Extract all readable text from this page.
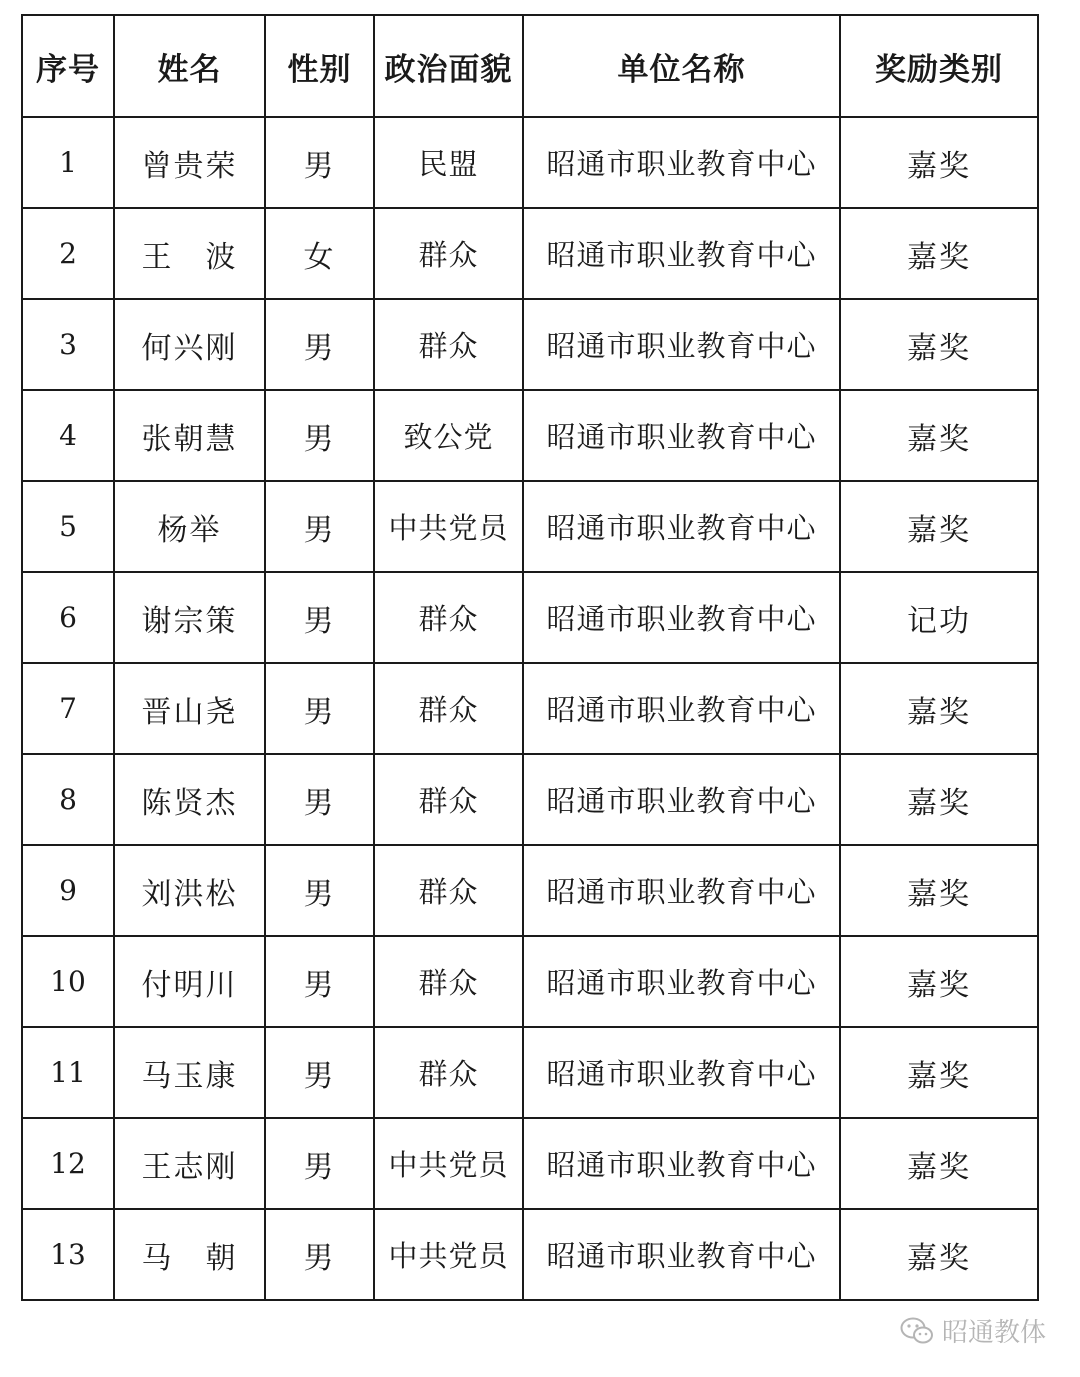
序号	姓名	性别	政治面貌	单位名称	奖励类别
1	曾贵荣	男	民盟	昭通市职业教育中心	嘉奖
2	王　波	女	群众	昭通市职业教育中心	嘉奖
3	何兴刚	男	群众	昭通市职业教育中心	嘉奖
4	张朝慧	男	致公党	昭通市职业教育中心	嘉奖
5	杨举	男	中共党员	昭通市职业教育中心	嘉奖
6	谢宗策	男	群众	昭通市职业教育中心	记功
7	晋山尧	男	群众	昭通市职业教育中心	嘉奖
8	陈贤杰	男	群众	昭通市职业教育中心	嘉奖
9	刘洪松	男	群众	昭通市职业教育中心	嘉奖
10	付明川	男	群众	昭通市职业教育中心	嘉奖
11	马玉康	男	群众	昭通市职业教育中心	嘉奖
12	王志刚	男	中共党员	昭通市职业教育中心	嘉奖
13	马　朝	男	中共党员	昭通市职业教育中心	嘉奖
昭通教体
